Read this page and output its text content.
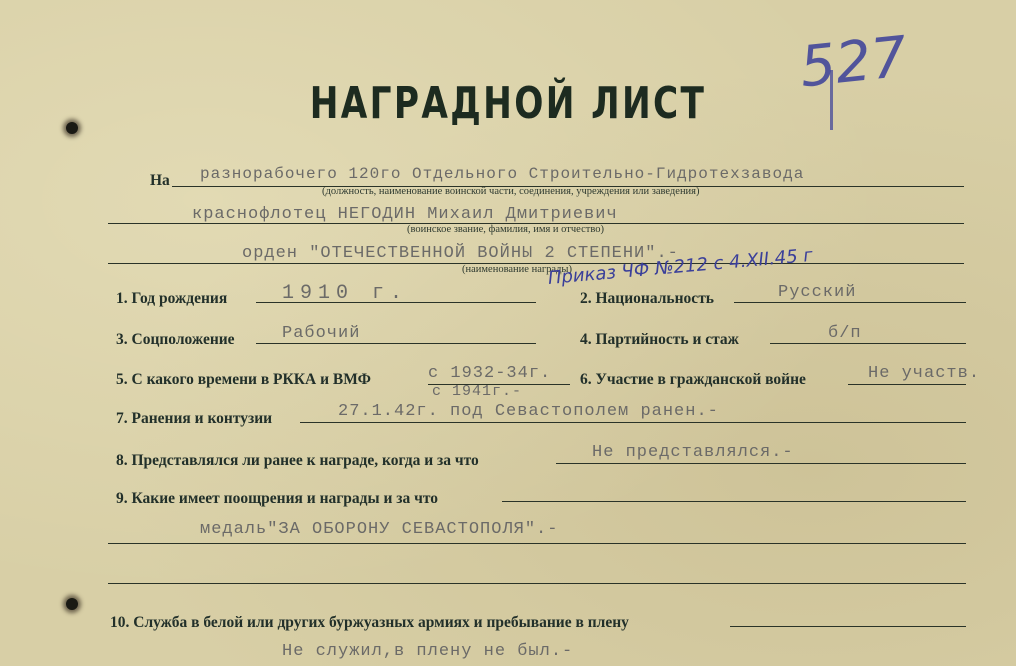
527
НАГРАДНОЙ ЛИСТ
На разнорабочего 120го Отдельного Строительно-Гидротехзавода
(должность, наименование воинской части, соединения, учреждения или заведения)
краснофлотец НЕГОДИН Михаил Дмитриевич
(воинское звание, фамилия, имя и отчество)
орден "ОТЕЧЕСТВЕННОЙ ВОЙНЫ 2 СТЕПЕНИ".-
(наименование награды)
Приказ ЧФ №212 с 4.XII.45 г
1. Год рождения	1910 г.	2. Национальность	Русский
3. Соцположение	Рабочий	4. Партийность и стаж	б/п
5. С какого времени в РККА и ВМФ	с 1932-34г.
с 1941г.-
6. Участие в гражданской войне	Не участв.
7. Ранения и контузии	27.1.42г. под Севастополем ранен.-
8. Представлялся ли ранее к награде, когда и за что	Не представлялся.-
9. Какие имеет поощрения и награды и за что
медаль"ЗА ОБОРОНУ СЕВАСТОПОЛЯ".-
10. Служба в белой или других буржуазных армиях и пребывание в плену
Не служил,в плену не был.-
